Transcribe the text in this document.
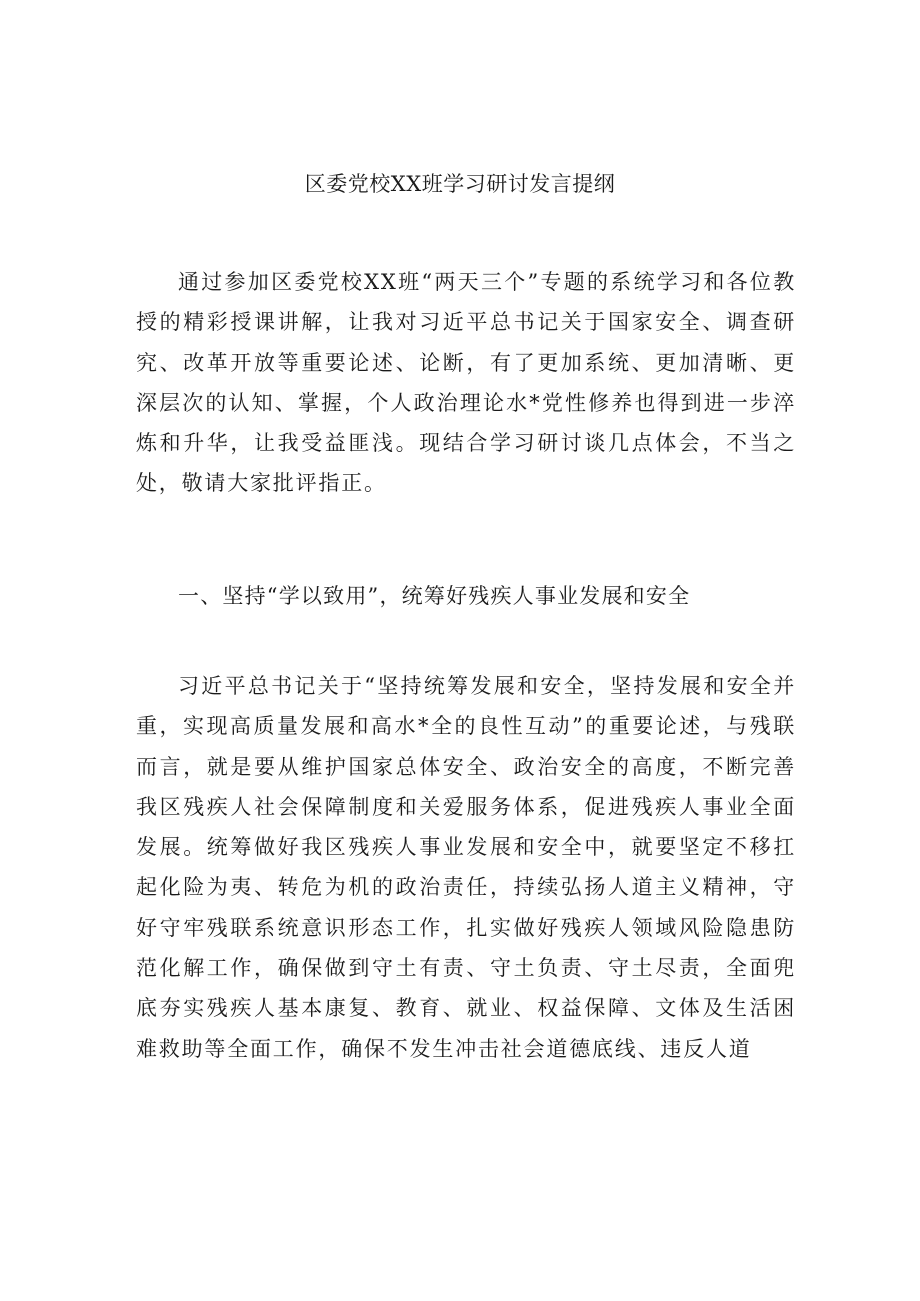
区委党校XX班学习研讨发言提纲

通过参加区委党校XX班“两天三个”专题的系统学习和各位教授的精彩授课讲解，让我对习近平总书记关于国家安全、调查研究、改革开放等重要论述、论断，有了更加系统、更加清晰、更深层次的认知、掌握，个人政治理论水*党性修养也得到进一步淬炼和升华，让我受益匪浅。现结合学习研讨谈几点体会，不当之处，敬请大家批评指正。

一、坚持“学以致用”，统筹好残疾人事业发展和安全

习近平总书记关于“坚持统筹发展和安全，坚持发展和安全并重，实现高质量发展和高水*全的良性互动”的重要论述，与残联而言，就是要从维护国家总体安全、政治安全的高度，不断完善我区残疾人社会保障制度和关爱服务体系，促进残疾人事业全面发展。统筹做好我区残疾人事业发展和安全中，就要坚定不移扛起化险为夷、转危为机的政治责任，持续弘扬人道主义精神，守好守牢残联系统意识形态工作，扎实做好残疾人领域风险隐患防范化解工作，确保做到守土有责、守土负责、守土尽责，全面兜底夯实残疾人基本康复、教育、就业、权益保障、文体及生活困难救助等全面工作，确保不发生冲击社会道德底线、违反人道
